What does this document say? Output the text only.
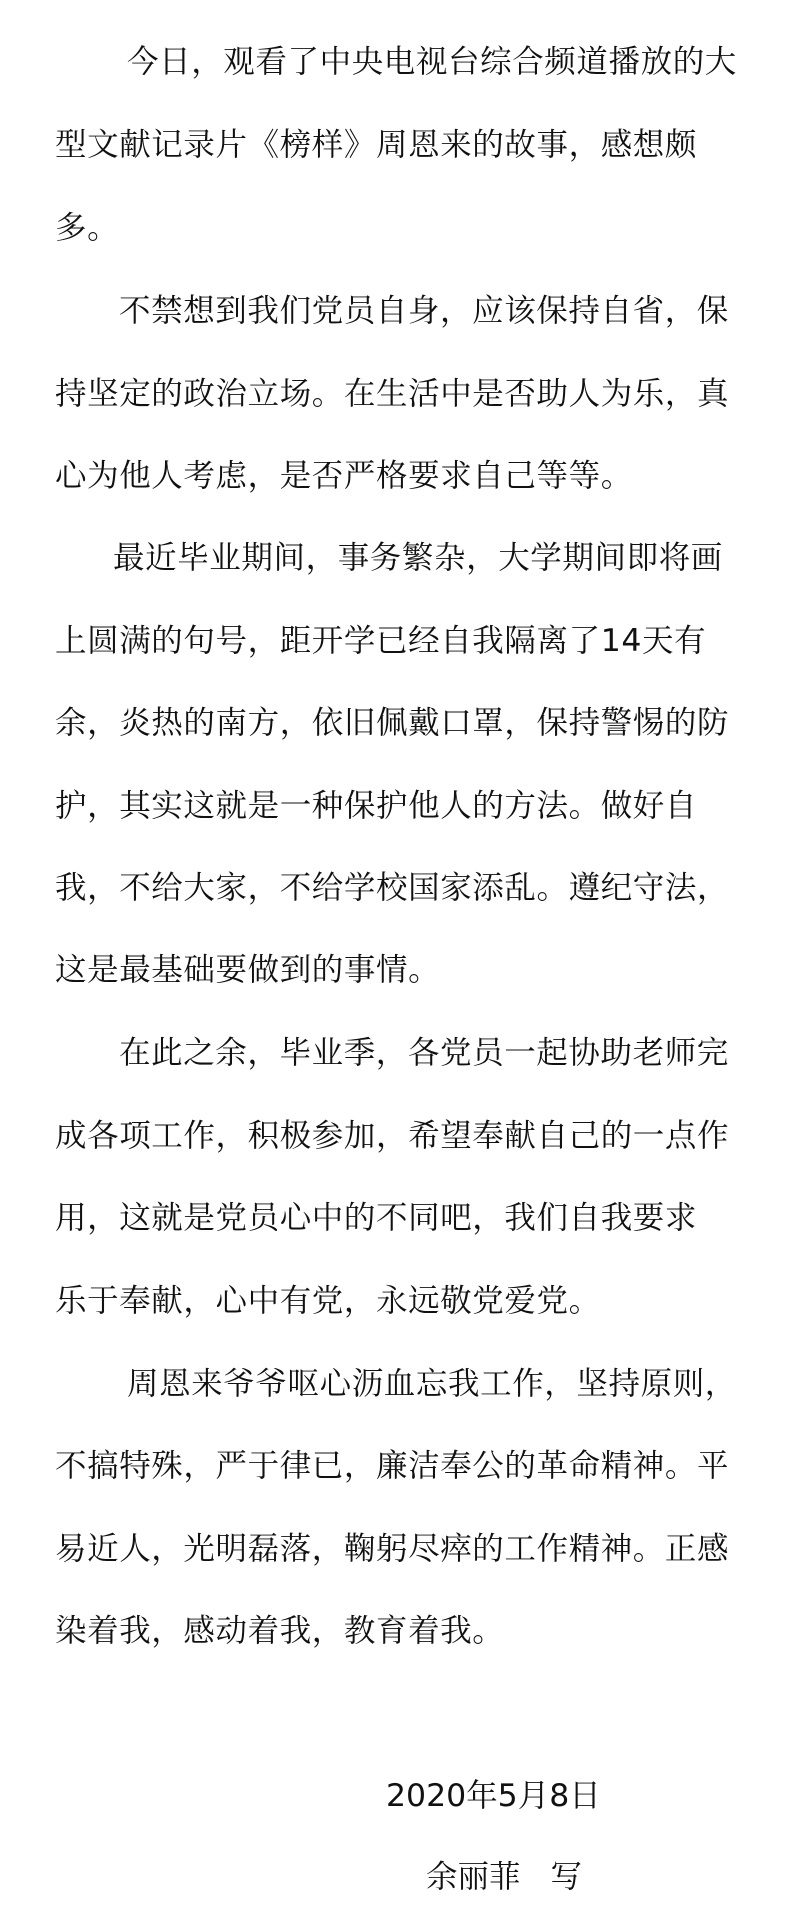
今日，观看了中央电视台综合频道播放的大
型文献记录片《榜样》周恩来的故事，感想颇
多。
不禁想到我们党员自身，应该保持自省，保
持坚定的政治立场。在生活中是否助人为乐，真
心为他人考虑，是否严格要求自己等等。
最近毕业期间，事务繁杂，大学期间即将画
上圆满的句号，距开学已经自我隔离了14天有
余，炎热的南方，依旧佩戴口罩，保持警惕的防
护，其实这就是一种保护他人的方法。做好自
我，不给大家，不给学校国家添乱。遵纪守法，
这是最基础要做到的事情。
在此之余，毕业季，各党员一起协助老师完
成各项工作，积极参加，希望奉献自己的一点作
用，这就是党员心中的不同吧，我们自我要求
乐于奉献，心中有党，永远敬党爱党。
周恩来爷爷呕心沥血忘我工作，坚持原则，
不搞特殊，严于律已，廉洁奉公的革命精神。平
易近人，光明磊落，鞠躬尽瘁的工作精神。正感
染着我，感动着我，教育着我。
2020年5月8日
余丽菲   写
